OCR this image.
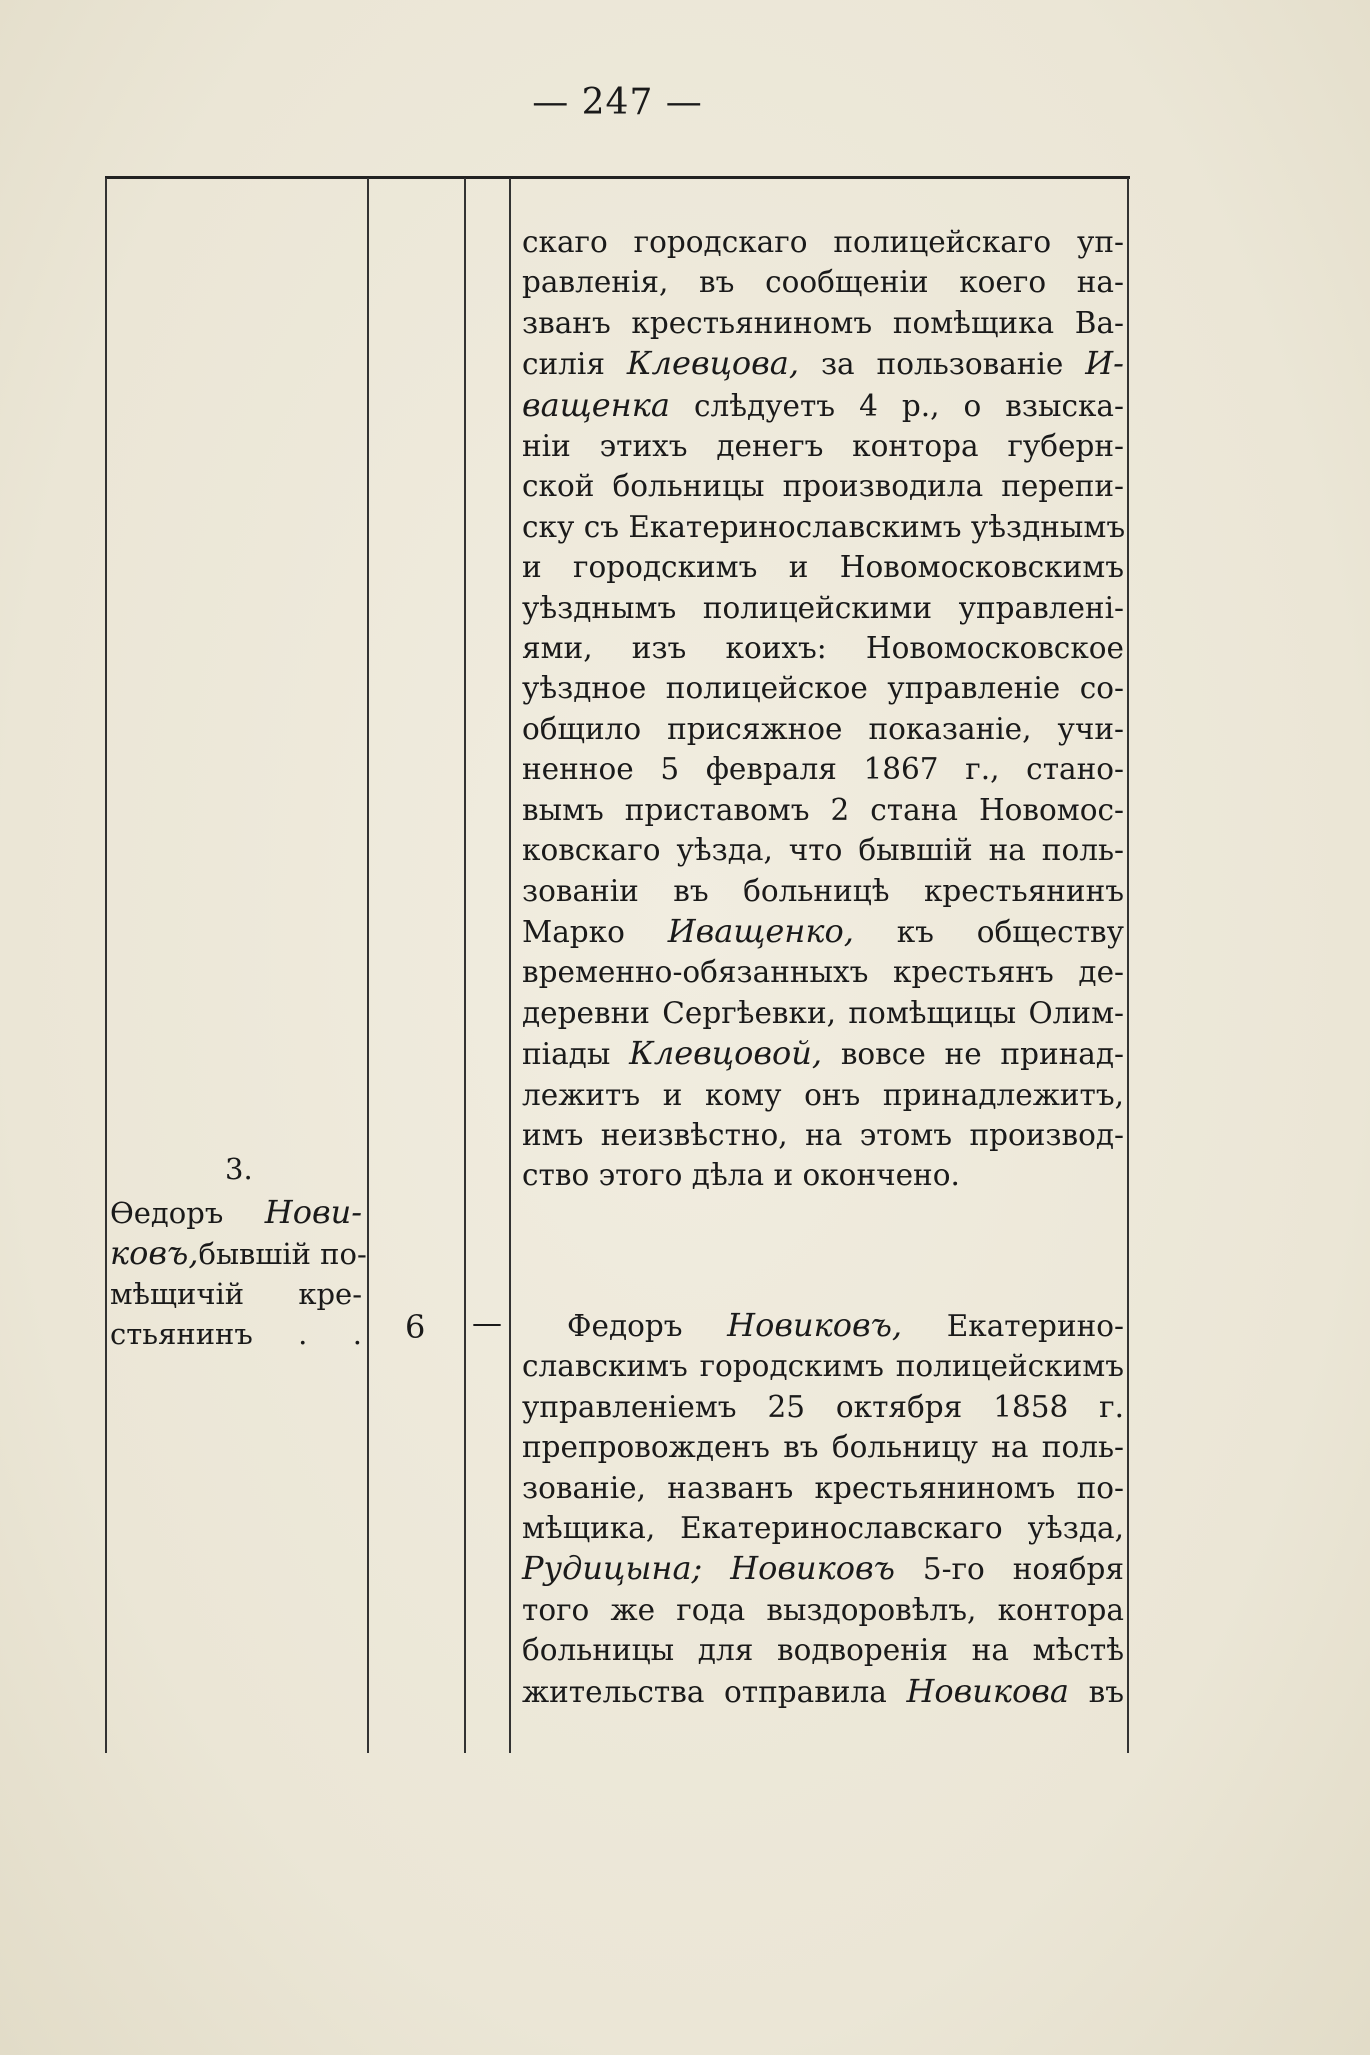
— 247 —
скаго городскаго полицейскаго уп-
равленія, въ сообщеніи коего на-
званъ крестьяниномъ помѣщика Ва-
силія Клевцова, за пользованіе И-
ващенка слѣдуетъ 4 р., о взыска-
ніи этихъ денегъ контора губерн-
ской больницы производила перепи-
ску съ Екатеринославскимъ уѣзднымъ
и городскимъ и Новомосковскимъ
уѣзднымъ полицейскими управлені-
ями, изъ коихъ: Новомосковское
уѣздное полицейское управленіе со-
общило присяжное показаніе, учи-
ненное 5 февраля 1867 г., стано-
вымъ приставомъ 2 стана Новомос-
ковскаго уѣзда, что бывшій на поль-
зованіи въ больницѣ крестьянинъ
Марко Иващенко, къ обществу
временно-обязанныхъ крестьянъ де-
деревни Сергѣевки, помѣщицы Олим-
піады Клевцовой, вовсе не принад-
лежитъ и кому онъ принадлежитъ,
имъ неизвѣстно, на этомъ производ-
ство этого дѣла и окончено.
3.
Өедоръ Нови-
ковъ,бывшій по-
мѣщичій кре-
стьянинъ . . 6 —	Федоръ Новиковъ, Екатерино-
славскимъ городскимъ полицейскимъ
управленіемъ 25 октября 1858 г.
препровожденъ въ больницу на поль-
зованіе, названъ крестьяниномъ по-
мѣщика, Екатеринославскаго уѣзда,
Рудицына; Новиковъ 5-го ноября
того же года выздоровѣлъ, контора
больницы для водворенія на мѣстѣ
жительства отправила Новикова въ
